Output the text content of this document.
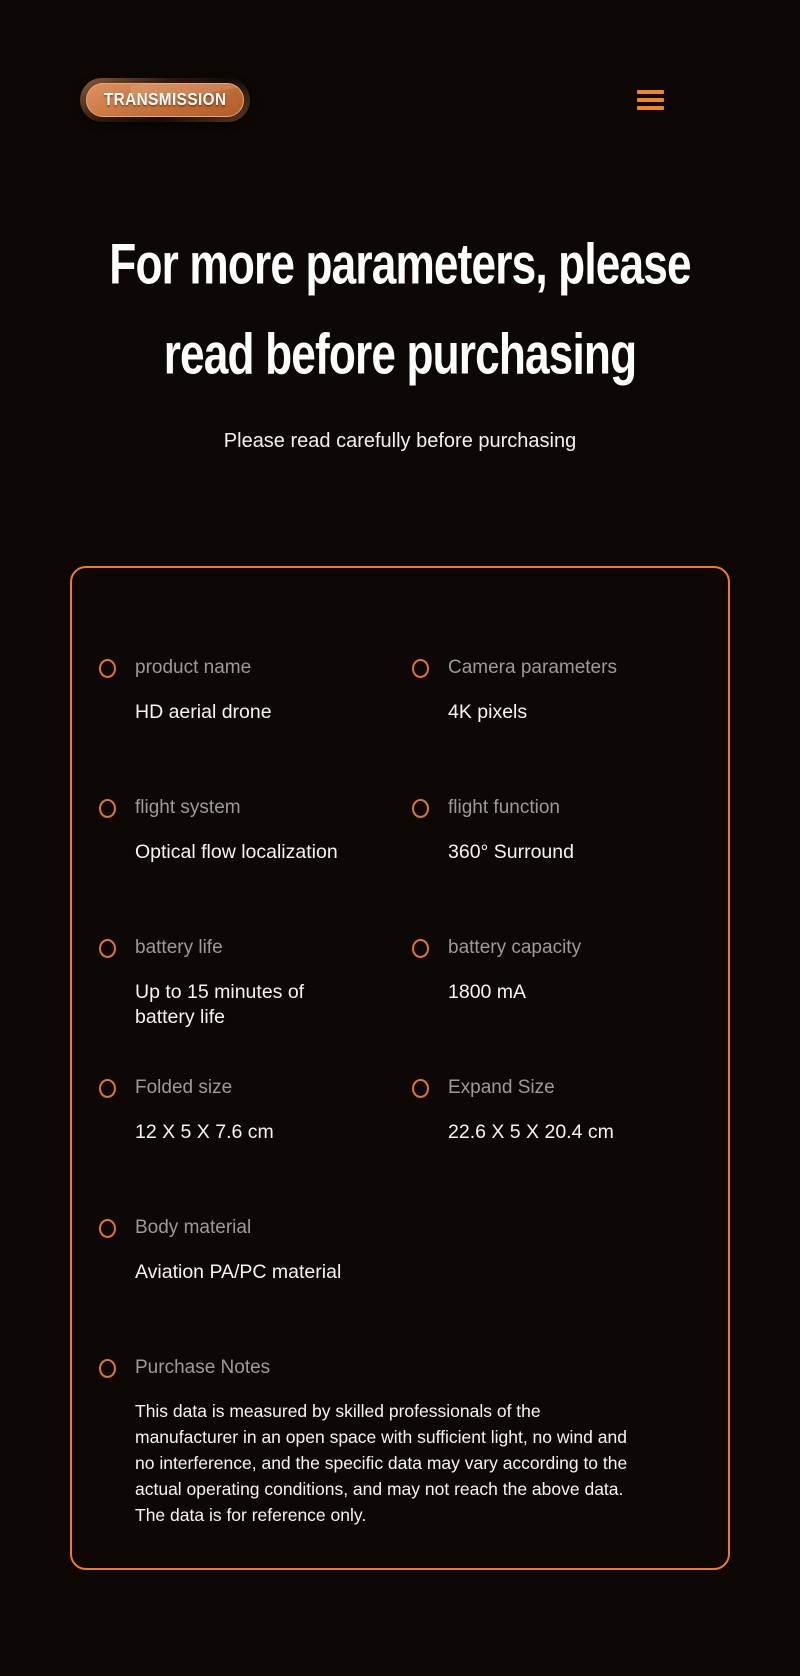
TRANSMISSION
For more parameters, please
read before purchasing
Please read carefully before purchasing
product name
HD aerial drone
Camera parameters
4K pixels
flight system
Optical flow localization
flight function
360° Surround
battery life
Up to 15 minutes of battery life
battery capacity
1800 mA
Folded size
12 X 5 X 7.6 cm
Expand Size
22.6 X 5 X 20.4 cm
Body material
Aviation PA/PC material
Purchase Notes
This data is measured by skilled professionals of the manufacturer in an open space with sufficient light, no wind and no interference, and the specific data may vary according to the actual operating conditions, and may not reach the above data. The data is for reference only.
